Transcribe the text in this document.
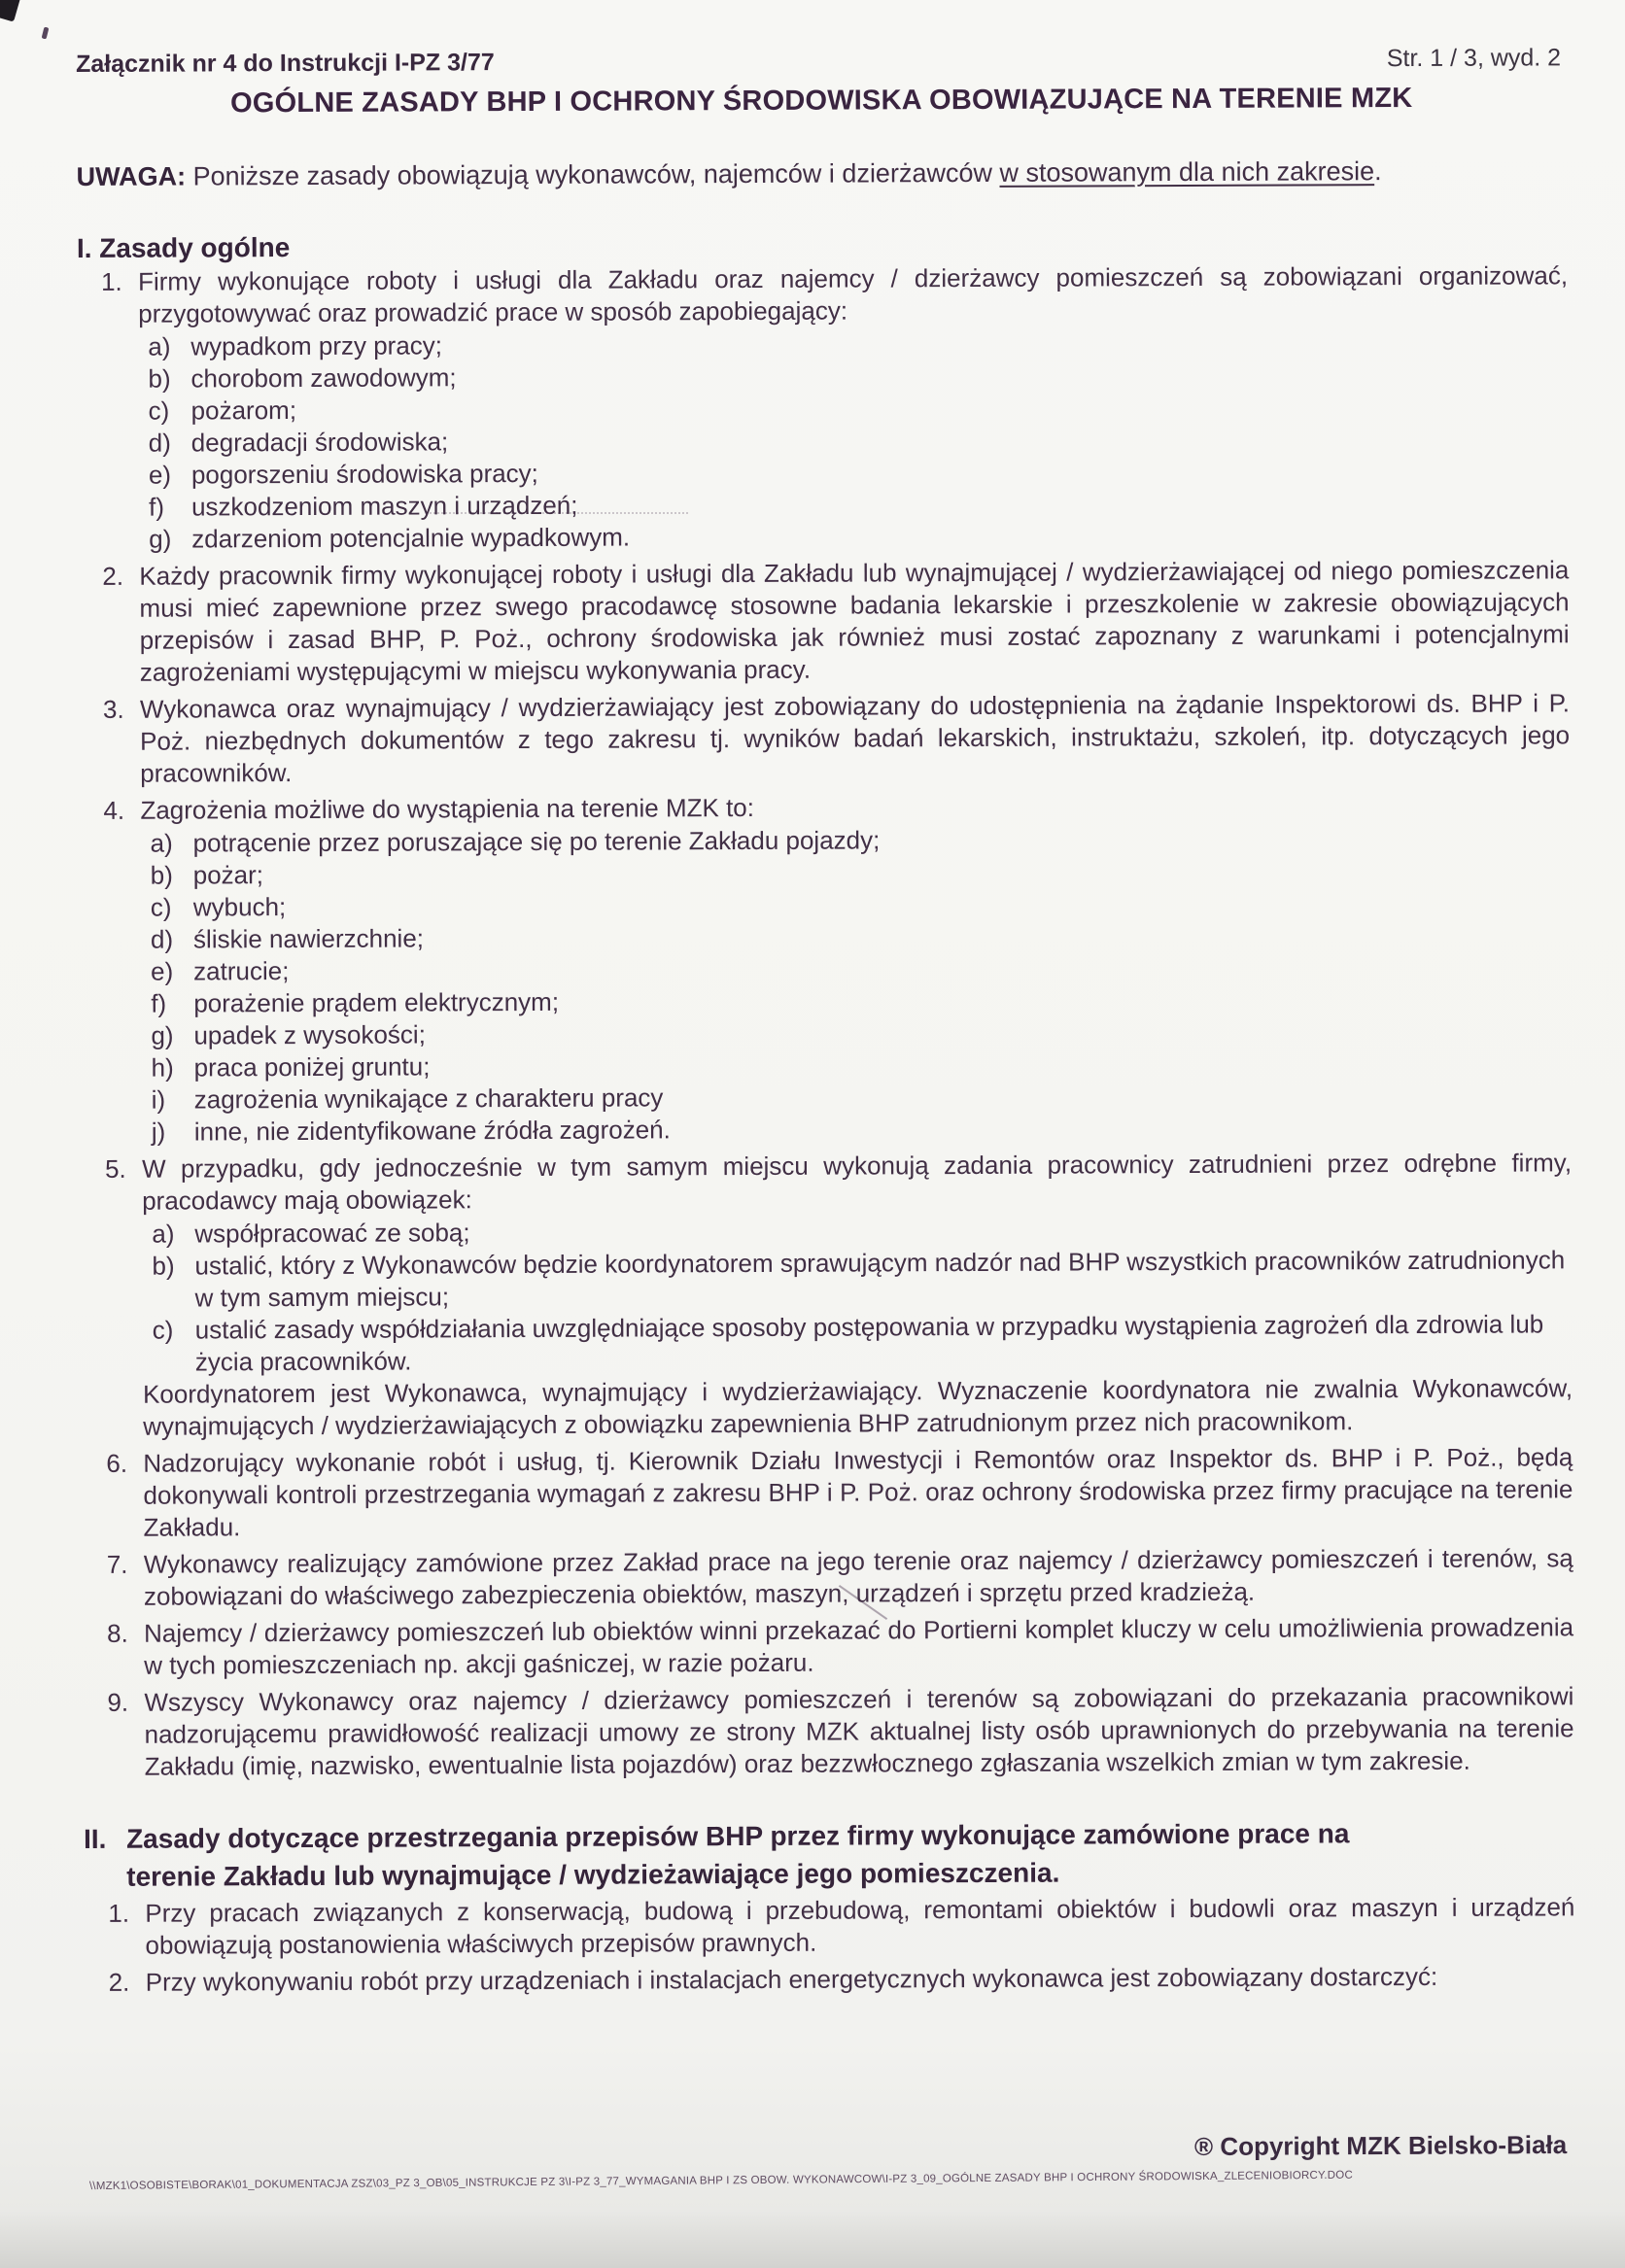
Załącznik nr 4 do Instrukcji I-PZ 3/77	Str. 1 / 3, wyd. 2
OGÓLNE ZASADY BHP I OCHRONY ŚRODOWISKA OBOWIĄZUJĄCE NA TERENIE MZK
UWAGA: Poniższe zasady obowiązują wykonawców, najemców i dzierżawców w stosowanym dla nich zakresie.
I. Zasady ogólne
1. Firmy wykonujące roboty i usługi dla Zakładu oraz najemcy / dzierżawcy pomieszczeń są zobowiązani organizować, przygotowywać oraz prowadzić prace w sposób zapobiegający:
a) wypadkom przy pracy;
b) chorobom zawodowym;
c) pożarom;
d) degradacji środowiska;
e) pogorszeniu środowiska pracy;
f)	uszkodzeniom maszyn i urządzeń;
g) zdarzeniom potencjalnie wypadkowym.
2. Każdy pracownik firmy wykonującej roboty i usługi dla Zakładu lub wynajmującej / wydzierżawiającej od niego pomieszczenia musi mieć zapewnione przez swego pracodawcę stosowne badania lekarskie i przeszkolenie w zakresie obowiązujących przepisów i zasad BHP, P. Poż., ochrony środowiska jak również musi zostać zapoznany z warunkami i potencjalnymi zagrożeniami występującymi w miejscu wykonywania pracy.
3. Wykonawca oraz wynajmujący / wydzierżawiający jest zobowiązany do udostępnienia na żądanie Inspektorowi ds. BHP i P. Poż. niezbędnych dokumentów z tego zakresu tj. wyników badań lekarskich, instruktażu, szkoleń, itp. dotyczących jego pracowników.
4. Zagrożenia możliwe do wystąpienia na terenie MZK to:
a) potrącenie przez poruszające się po terenie Zakładu pojazdy;
b) pożar;
c) wybuch;
d) śliskie nawierzchnie;
e) zatrucie;
f)	porażenie prądem elektrycznym;
g) upadek z wysokości;
h) praca poniżej gruntu;
i)	zagrożenia wynikające z charakteru pracy
j)	inne, nie zidentyfikowane źródła zagrożeń.
5. W przypadku, gdy jednocześnie w tym samym miejscu wykonują zadania pracownicy zatrudnieni przez odrębne firmy, pracodawcy mają obowiązek:
a) współpracować ze sobą;
b) ustalić, który z Wykonawców będzie koordynatorem sprawującym nadzór nad BHP wszystkich pracowników zatrudnionych w tym samym miejscu;
c) ustalić zasady współdziałania uwzględniające sposoby postępowania w przypadku wystąpienia zagrożeń dla zdrowia lub życia pracowników.

Koordynatorem jest Wykonawca, wynajmujący i wydzierżawiający. Wyznaczenie koordynatora nie zwalnia Wykonawców, wynajmujących / wydzierżawiających z obowiązku zapewnienia BHP zatrudnionym przez nich pracownikom.

6. Nadzorujący wykonanie robót i usług, tj. Kierownik Działu Inwestycji i Remontów oraz Inspektor ds. BHP i P. Poż., będą dokonywali kontroli przestrzegania wymagań z zakresu BHP i P. Poż. oraz ochrony środowiska przez firmy pracujące na terenie Zakładu.
7. Wykonawcy realizujący zamówione przez Zakład prace na jego terenie oraz najemcy / dzierżawcy pomieszczeń i terenów, są zobowiązani do właściwego zabezpieczenia obiektów, maszyn, urządzeń i sprzętu przed kradzieżą.
8. Najemcy / dzierżawcy pomieszczeń lub obiektów winni przekazać do Portierni komplet kluczy w celu umożliwienia prowadzenia w tych pomieszczeniach np. akcji gaśniczej, w razie pożaru.
9. Wszyscy Wykonawcy oraz najemcy / dzierżawcy pomieszczeń i terenów są zobowiązani do przekazania pracownikowi nadzorującemu prawidłowość realizacji umowy ze strony MZK aktualnej listy osób uprawnionych do przebywania na terenie Zakładu (imię, nazwisko, ewentualnie lista pojazdów) oraz bezzwłocznego zgłaszania wszelkich zmian w tym zakresie.
II. Zasady dotyczące przestrzegania przepisów BHP przez firmy wykonujące zamówione prace na terenie Zakładu lub wynajmujące / wydzieżawiające jego pomieszczenia.
1. Przy pracach związanych z konserwacją, budową i przebudową, remontami obiektów i budowli oraz maszyn i urządzeń obowiązują postanowienia właściwych przepisów prawnych.
2. Przy wykonywaniu robót przy urządzeniach i instalacjach energetycznych wykonawca jest zobowiązany dostarczyć:
® Copyright MZK Bielsko-Biała
\\MZK1\OSOBISTE\BORAK\01_DOKUMENTACJA ZSZ\03_PZ 3_OB\05_INSTRUKCJE PZ 3\I-PZ 3_77_WYMAGANIA BHP I ZS OBOW. WYKONAWCOW\I-PZ 3_09_OGÓLNE ZASADY BHP I OCHRONY ŚRODOWISKA_ZLECENIOBIORCY.DOC
